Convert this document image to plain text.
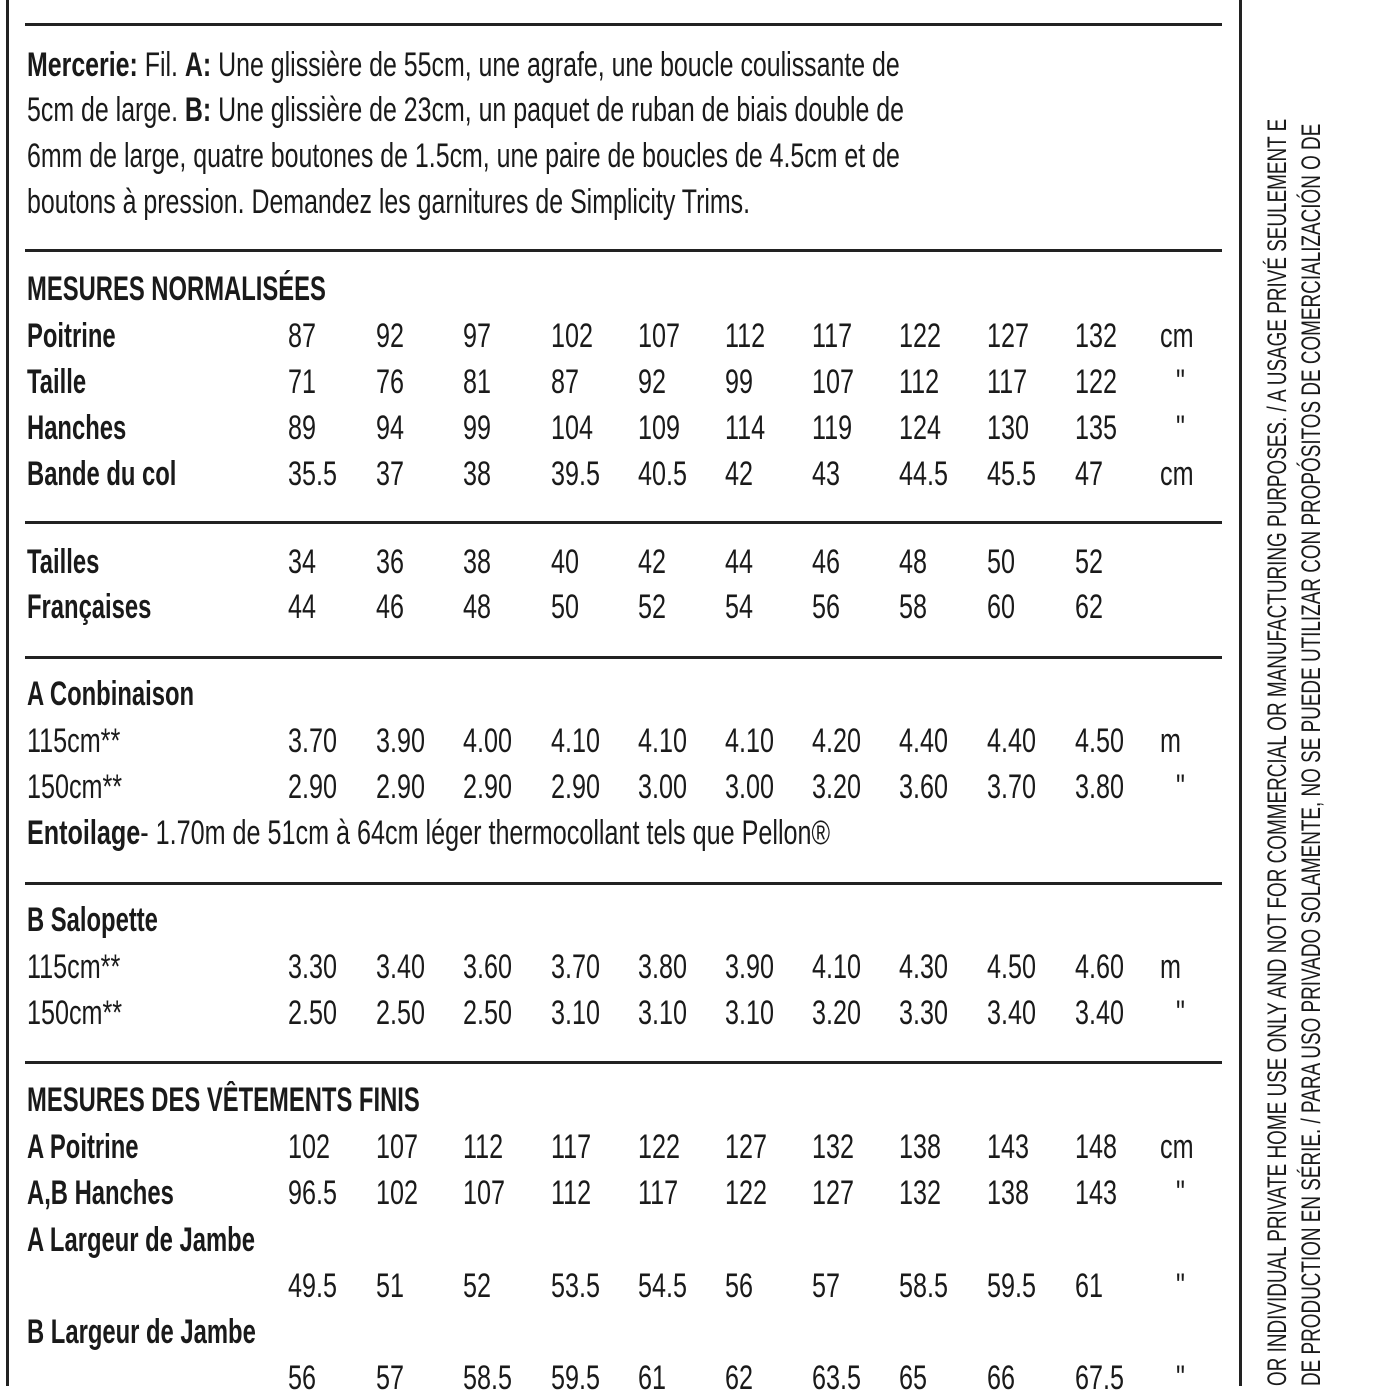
Mercerie: Fil. A: Une glissière de 55cm, une agrafe, une boucle coulissante de
5cm de large. B: Une glissière de 23cm, un paquet de ruban de biais double de
6mm de large, quatre boutones de 1.5cm, une paire de boucles de 4.5cm et de
boutons à pression. Demandez les garnitures de Simplicity Trims.
MESURES NORMALISÉES
Poitrine	87 92 97 102 107 112 117 122 127 132 cm
Taille	71 76 81 87 92 99 107 112 117 122 "
Hanches	89 94 99 104 109 114 119 124 130 135 "
Bande du col	35.5 37 38 39.5 40.5 42 43 44.5 45.5 47 cm
Tailles	34 36 38 40 42 44 46 48 50 52
Françaises	44 46 48 50 52 54 56 58 60 62
A Conbinaison
115cm**	3.70 3.90 4.00 4.10 4.10 4.10 4.20 4.40 4.40 4.50 m
150cm**	2.90 2.90 2.90 2.90 3.00 3.00 3.20 3.60 3.70 3.80 "
Entoilage- 1.70m de 51cm à 64cm léger thermocollant tels que Pellon®
B Salopette
115cm**	3.30 3.40 3.60 3.70 3.80 3.90 4.10 4.30 4.50 4.60 m
150cm**	2.50 2.50 2.50 3.10 3.10 3.10 3.20 3.30 3.40 3.40 "
MESURES DES VÊTEMENTS FINIS
A Poitrine	102 107 112 117 122 127 132 138 143 148 cm
A,B Hanches	96.5 102 107 112 117 122 127 132 138 143 "
A Largeur de Jambe
49.5 51 52 53.5 54.5 56 57 58.5 59.5 61 "
B Largeur de Jambe
56 57 58.5 59.5 61 62 63.5 65 66 67.5 "	OR INDIVIDUAL PRIVATE HOME USE ONLY AND NOT FOR COMMERCIAL OR MANUFACTURING PURPOSES. / A USAGE PRIVÉ SEULEMENT E DE PRODUCTION EN SÉRIE. / PARA USO PRIVADO SOLAMENTE, NO SE PUEDE UTILIZAR CON PROPÓSITOS DE COMERCIALIZACIÓN O DE
